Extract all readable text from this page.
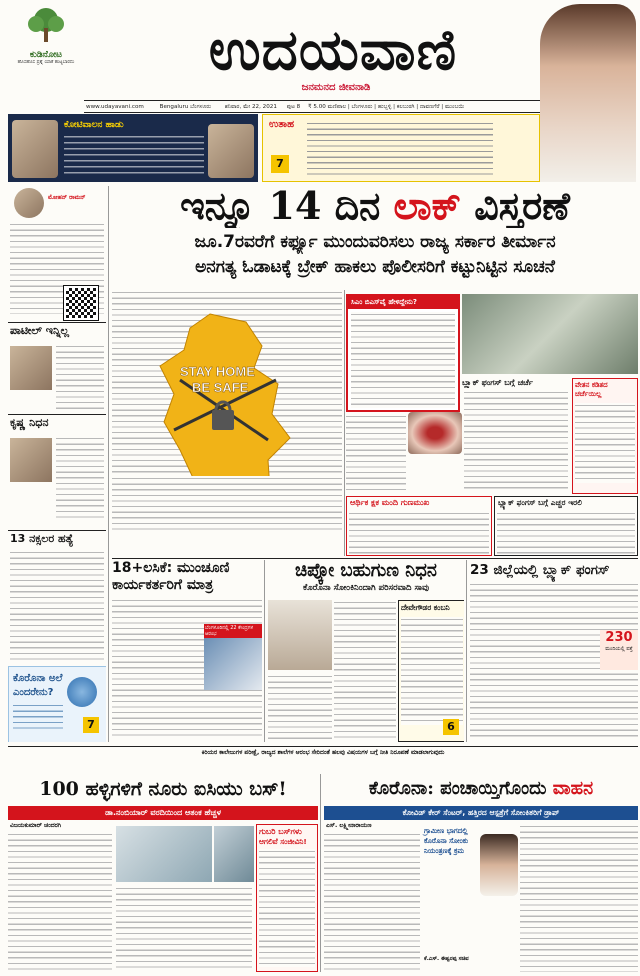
ಕುಡಿನೋಟ
ಹೊಸಹೊಸ ಪ್ರಶ್ನೆ ಯಾಕೆ ಹುಟ್ಟಬಾರದು	ಉದಯವಾಣಿ
ಜನಮನದ ಜೀವನಾಡಿ
www.udayavani.com	Bengaluru ಬೆಂಗಳೂರು ಶನಿವಾರ, ಮೇ 22, 2021 ಪುಟ 8 ₹ 5.00 ಮಣಿಪಾಲ | ಬೆಂಗಳೂರು | ಹುಬ್ಬಳ್ಳಿ | ಕಲಬುರಗಿ | ದಾವಣಗೆರೆ | ಮುಂಬಯಿ
ಕೋಟಿವಾಲನ ಹಾಡು	ಉತಾಹ
7
ಮೋಹನ್ ರಾಮನ್
ಪಾಟೀಲ್ ಇನ್ನಿಲ್ಲ
ಕೃಷ್ಣ ನಿಧನ
13 ನಕ್ಸಲರ ಹತ್ಯೆ
ಕೊರೊನಾ ಅಲೆ
ಎಂದರೇನು?
7
ಇನ್ನೂ 14 ದಿನ ಲಾಕ್ ವಿಸ್ತರಣೆ
ಜೂ.7ರವರೆಗೆ ಕರ್ಫ್ಯೂ ಮುಂದುವರಿಸಲು ರಾಜ್ಯ ಸರ್ಕಾರ ತೀರ್ಮಾನ
ಅನಗತ್ಯ ಓಡಾಟಕ್ಕೆ ಬ್ರೇಕ್ ಹಾಕಲು ಪೊಲೀಸರಿಗೆ ಕಟ್ಟುನಿಟ್ಟಿನ ಸೂಚನೆ
STAY HOME
BE SAFE
ಸಿಎಂ ಬಿಎಸ್‌ವೈ ಹೇಳಿದ್ದೇನು?
ಬ್ಲ್ಯಾಕ್ ಫಂಗಸ್ ಬಗ್ಗೆ ಚರ್ಚೆ	ವೇತನ ಕಡಿತದ ಚರ್ಚೆಯಿಲ್ಲ
ಆರ್ಥಿಕ ಕ್ಷಕ ಮಂದಿ ಗುಣಮುಖ	ಬ್ಲ್ಯಾಕ್ ಫಂಗಸ್ ಬಗ್ಗೆ ಎಚ್ಚರ ಇರಲಿ
18+ಲಸಿಕೆ: ಮುಂಚೂಣಿ
ಕಾರ್ಯಕರ್ತರಿಗೆ ಮಾತ್ರ
ಬೆಂಗಳೂರಿನಲ್ಲಿ 22 ಕೇಂದ್ರಗಳ ಆರಂಭ
ಚಿಪ್ಕೋ ಬಹುಗುಣ ನಿಧನ
ಕೊರೊನಾ ಸೋಂಕಿನಿಂದಾಗಿ ಪರಿಸರವಾದಿ ಸಾವು
ದೇವೇಗೌಡರ ಕಂಬನಿ
6
23 ಜಿಲ್ಲೆಯಲ್ಲಿ ಬ್ಲ್ಯಾಕ್ ಫಂಗಸ್
230
ಮಂದಿಯಲ್ಲಿ ಪತ್ತೆ
ಕಿರಿಯರ ಕಾಲೇಜುಗಳ ಪರೀಕ್ಷೆ, ರಾಜ್ಯದ ಶಾಲೆಗಳ ಆರಂಭ ಸೇರಿದಂತೆ ಹಲವು ವಿಷಯಗಳ ಬಗ್ಗೆ ನೀತಿ ನಿರೂಪಣೆ ಮಾಡಲಾಗುವುದು
100 ಹಳ್ಳಿಗಳಿಗೆ ನೂರು ಐಸಿಯು ಬಸ್!	ಕೊರೊನಾ: ಪಂಚಾಯ್ತಿಗೊಂದು ವಾಹನ
ಡಾ.ನಂಬಿಯಾರ್ ವರದಿಯಿಂದ ಆತಂಕ ಹೆಚ್ಚಳ	ಕೋವಿಡ್ ಕೇರ್ ಸೆಂಟರ್, ಹತ್ತಿರದ ಆಸ್ಪತ್ರೆಗೆ ಸೋಂಕಿತರಿಗೆ ಡ್ರಾಪ್
ವಿಜಯಕುಮಾರ್ ಚಂದರಗಿ
ಗುಬರಿ ಬಸ್‌ಗಳು
ಆಗಲಿವೆ ಸಂಜೀವಿನಿ!
ಎಸ್. ಲಕ್ಷ್ಮೀನಾರಾಯಣ
ಗ್ರಾಮೀಣ ಭಾಗದಲ್ಲಿ ಕೊರೊನಾ ಸೋಂಕು ನಿಯಂತ್ರಣಕ್ಕೆ ಕ್ರಮ
ಕೆ.ಎಸ್. ಈಶ್ವರಪ್ಪ ಸಚಿವ
